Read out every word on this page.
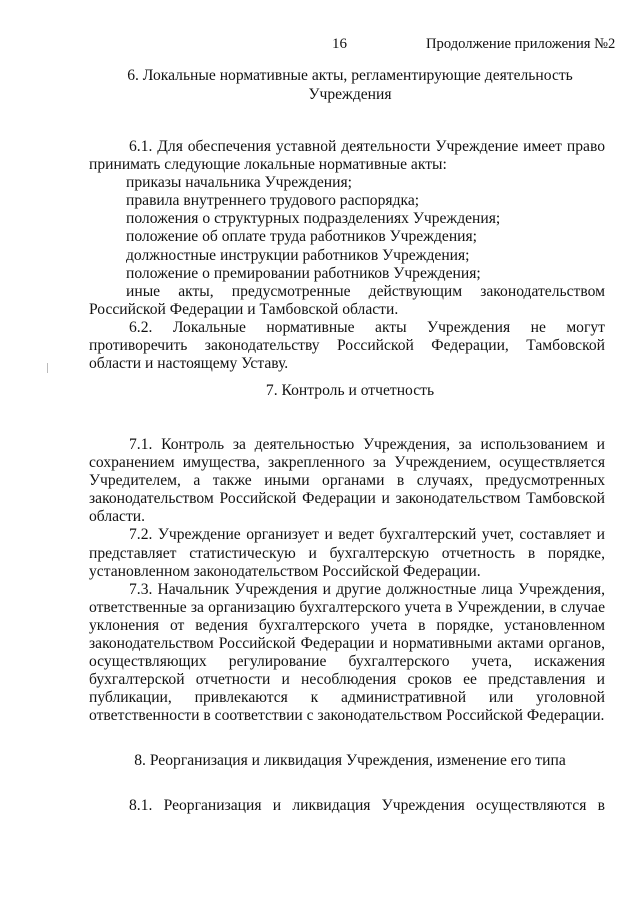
16	Продолжение приложения №2
6. Локальные нормативные акты, регламентирующие деятельность
Учреждения

6.1. Для обеспечения уставной деятельности Учреждение имеет право принимать следующие локальные нормативные акты:

приказы начальника Учреждения;

правила внутреннего трудового распорядка;

положения о структурных подразделениях Учреждения;

положение об оплате труда работников Учреждения;

должностные инструкции работников Учреждения;

положение о премировании работников Учреждения;

иные акты, предусмотренные действующим законодательством

Российской Федерации и Тамбовской области.

6.2. Локальные нормативные акты Учреждения не могут противоречить законодательству Российской Федерации, Тамбовской области и настоящему Уставу.

7. Контроль и отчетность

7.1. Контроль за деятельностью Учреждения, за использованием и сохранением имущества, закрепленного за Учреждением, осуществляется Учредителем, а также иными органами в случаях, предусмотренных законодательством Российской Федерации и законодательством Тамбовской области.

7.2. Учреждение организует и ведет бухгалтерский учет, составляет и представляет статистическую и бухгалтерскую отчетность в порядке, установленном законодательством Российской Федерации.

7.3. Начальник Учреждения и другие должностные лица Учреждения, ответственные за организацию бухгалтерского учета в Учреждении, в случае уклонения от ведения бухгалтерского учета в порядке, установленном законодательством Российской Федерации и нормативными актами органов, осуществляющих регулирование бухгалтерского учета, искажения бухгалтерской отчетности и несоблюдения сроков ее представления и публикации, привлекаются к административной или уголовной ответственности в соответствии с законодательством Российской Федерации.

8. Реорганизация и ликвидация Учреждения, изменение его типа

8.1. Реорганизация и ликвидация Учреждения осуществляются в
